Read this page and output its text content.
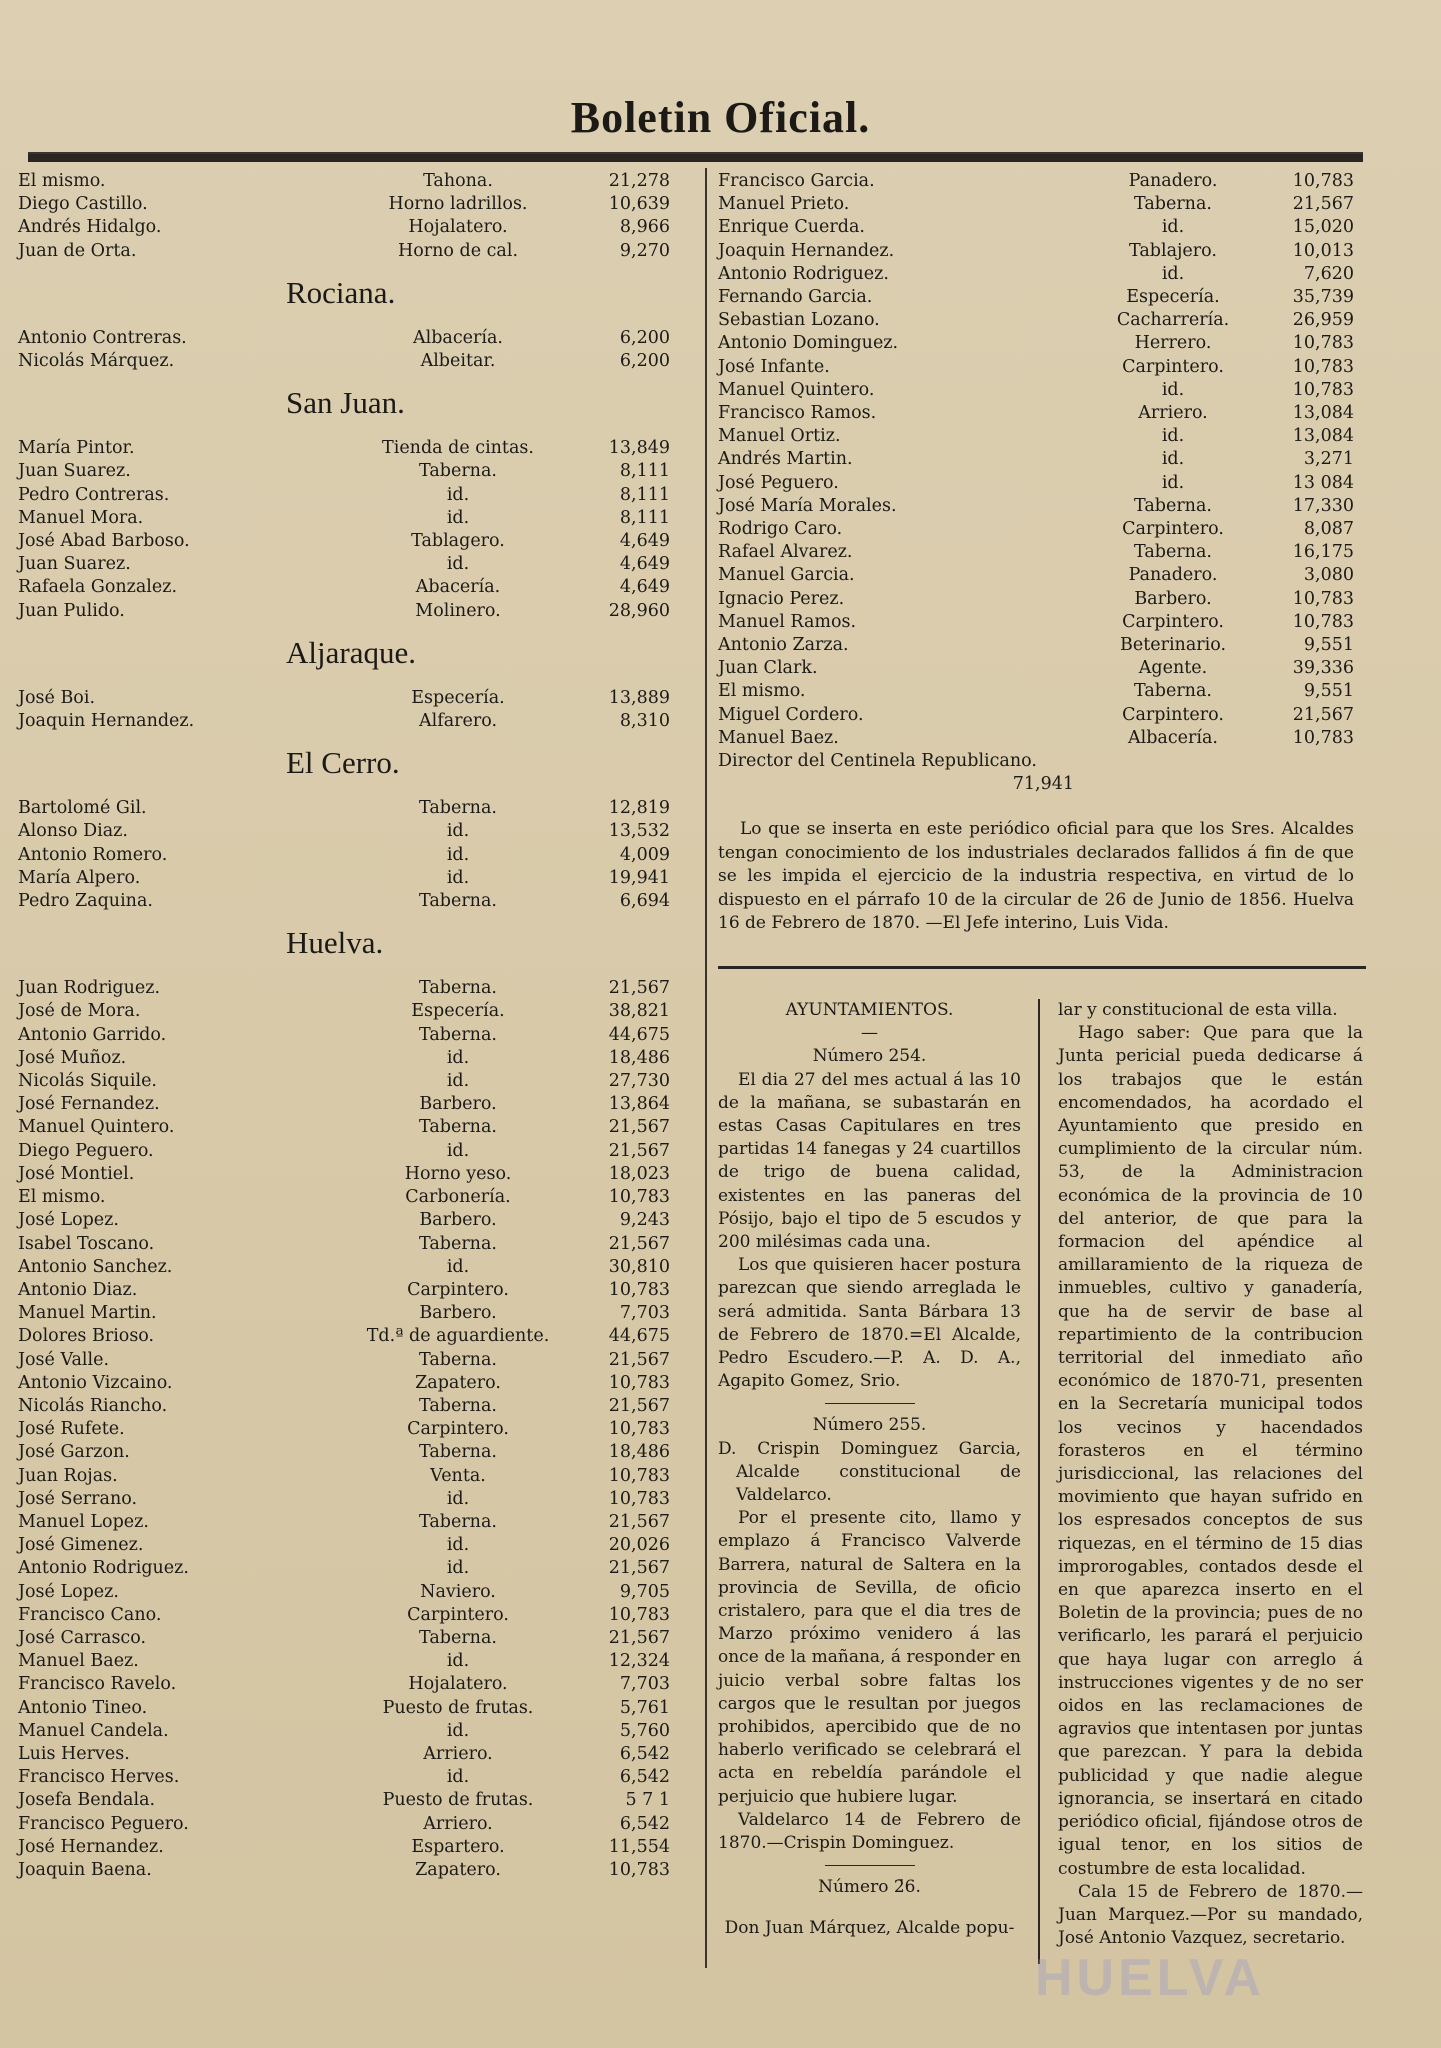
Boletin Oficial.
El mismo.	Tahona.	21,278
Diego Castillo.	Horno ladrillos.	10,639
Andrés Hidalgo.	Hojalatero.	8,966
Juan de Orta.	Horno de cal.	9,270
Rociana.
Antonio Contreras.	Albacería.	6,200
Nicolás Márquez.	Albeitar.	6,200
San Juan.
María Pintor.	Tienda de cintas.	13,849
Juan Suarez.	Taberna.	8,111
Pedro Contreras.	id.	8,111
Manuel Mora.	id.	8,111
José Abad Barboso.	Tablagero.	4,649
Juan Suarez.	id.	4,649
Rafaela Gonzalez.	Abacería.	4,649
Juan Pulido.	Molinero.	28,960
Aljaraque.
José Boi.	Especería.	13,889
Joaquin Hernandez.	Alfarero.	8,310
El Cerro.
Bartolomé Gil.	Taberna.	12,819
Alonso Diaz.	id.	13,532
Antonio Romero.	id.	4,009
María Alpero.	id.	19,941
Pedro Zaquina.	Taberna.	6,694
Huelva.
Juan Rodriguez.	Taberna.	21,567
José de Mora.	Especería.	38,821
Antonio Garrido.	Taberna.	44,675
José Muñoz.	id.	18,486
Nicolás Siquile.	id.	27,730
José Fernandez.	Barbero.	13,864
Manuel Quintero.	Taberna.	21,567
Diego Peguero.	id.	21,567
José Montiel.	Horno yeso.	18,023
El mismo.	Carbonería.	10,783
José Lopez.	Barbero.	9,243
Isabel Toscano.	Taberna.	21,567
Antonio Sanchez.	id.	30,810
Antonio Diaz.	Carpintero.	10,783
Manuel Martin.	Barbero.	7,703
Dolores Brioso.	Td.ª de aguardiente.	44,675
José Valle.	Taberna.	21,567
Antonio Vizcaino.	Zapatero.	10,783
Nicolás Riancho.	Taberna.	21,567
José Rufete.	Carpintero.	10,783
José Garzon.	Taberna.	18,486
Juan Rojas.	Venta.	10,783
José Serrano.	id.	10,783
Manuel Lopez.	Taberna.	21,567
José Gimenez.	id.	20,026
Antonio Rodriguez.	id.	21,567
José Lopez.	Naviero.	9,705
Francisco Cano.	Carpintero.	10,783
José Carrasco.	Taberna.	21,567
Manuel Baez.	id.	12,324
Francisco Ravelo.	Hojalatero.	7,703
Antonio Tineo.	Puesto de frutas.	5,761
Manuel Candela.	id.	5,760
Luis Herves.	Arriero.	6,542
Francisco Herves.	id.	6,542
Josefa Bendala.	Puesto de frutas.	5 7 1
Francisco Peguero.	Arriero.	6,542
José Hernandez.	Espartero.	11,554
Joaquin Baena.	Zapatero.	10,783
Francisco Garcia.	Panadero.	10,783
Manuel Prieto.	Taberna.	21,567
Enrique Cuerda.	id.	15,020
Joaquin Hernandez.	Tablajero.	10,013
Antonio Rodriguez.	id.	7,620
Fernando Garcia.	Especería.	35,739
Sebastian Lozano.	Cacharrería.	26,959
Antonio Dominguez.	Herrero.	10,783
José Infante.	Carpintero.	10,783
Manuel Quintero.	id.	10,783
Francisco Ramos.	Arriero.	13,084
Manuel Ortiz.	id.	13,084
Andrés Martin.	id.	3,271
José Peguero.	id.	13 084
José María Morales.	Taberna.	17,330
Rodrigo Caro.	Carpintero.	8,087
Rafael Alvarez.	Taberna.	16,175
Manuel Garcia.	Panadero.	3,080
Ignacio Perez.	Barbero.	10,783
Manuel Ramos.	Carpintero.	10,783
Antonio Zarza.	Beterinario.	9,551
Juan Clark.	Agente.	39,336
El mismo.	Taberna.	9,551
Miguel Cordero.	Carpintero.	21,567
Manuel Baez.	Albacería.	10,783
Director del Centinela Republicano.
71,941

Lo que se inserta en este periódico oficial para que los Sres. Alcaldes tengan conocimiento de los industriales declarados fallidos á fin de que se les impida el ejercicio de la industria respectiva, en virtud de lo dispuesto en el párrafo 10 de la circular de 26 de Junio de 1856. Huelva 16 de Febrero de 1870. —El Jefe interino, Luis Vida.

AYUNTAMIENTOS.
—
Número 254.

El dia 27 del mes actual á las 10 de la mañana, se subastarán en estas Casas Capitulares en tres partidas 14 fanegas y 24 cuartillos de trigo de buena calidad, existentes en las paneras del Pósijo, bajo el tipo de 5 escudos y 200 milésimas cada una.

Los que quisieren hacer postura parezcan que siendo arreglada le será admitida. Santa Bárbara 13 de Febrero de 1870.=El Alcalde, Pedro Escudero.—P. A. D. A., Agapito Gomez, Srio.

Número 255.

D. Crispin Dominguez Garcia, Alcalde constitucional de Valdelarco.

Por el presente cito, llamo y emplazo á Francisco Valverde Barrera, natural de Saltera en la provincia de Sevilla, de oficio cristalero, para que el dia tres de Marzo próximo venidero á las once de la mañana, á responder en juicio verbal sobre faltas los cargos que le resultan por juegos prohibidos, apercibido que de no haberlo verificado se celebrará el acta en rebeldía parándole el perjuicio que hubiere lugar.

Valdelarco 14 de Febrero de 1870.—Crispin Dominguez.

Número 2̄6.

Don Juan Márquez, Alcalde popu-

lar y constitucional de esta villa.

Hago saber: Que para que la Junta pericial pueda dedicarse á los trabajos que le están encomendados, ha acordado el Ayuntamiento que presido en cumplimiento de la circular núm. 53, de la Administracion económica de la provincia de 10 del anterior, de que para la formacion del apéndice al amillaramiento de la riqueza de inmuebles, cultivo y ganadería, que ha de servir de base al repartimiento de la contribucion territorial del inmediato año económico de 1870-71, presenten en la Secretaría municipal todos los vecinos y hacendados forasteros en el término jurisdiccional, las relaciones del movimiento que hayan sufrido en los espresados conceptos de sus riquezas, en el término de 15 dias improrogables, contados desde el en que aparezca inserto en el Boletin de la provincia; pues de no verificarlo, les parará el perjuicio que haya lugar con arreglo á instrucciones vigentes y de no ser oidos en las reclamaciones de agravios que intentasen por juntas que parezcan. Y para la debida publicidad y que nadie alegue ignorancia, se insertará en citado periódico oficial, fijándose otros de igual tenor, en los sitios de costumbre de esta localidad.

Cala 15 de Febrero de 1870.—Juan Marquez.—Por su mandado, José Antonio Vazquez, secretario.

HUELVA
